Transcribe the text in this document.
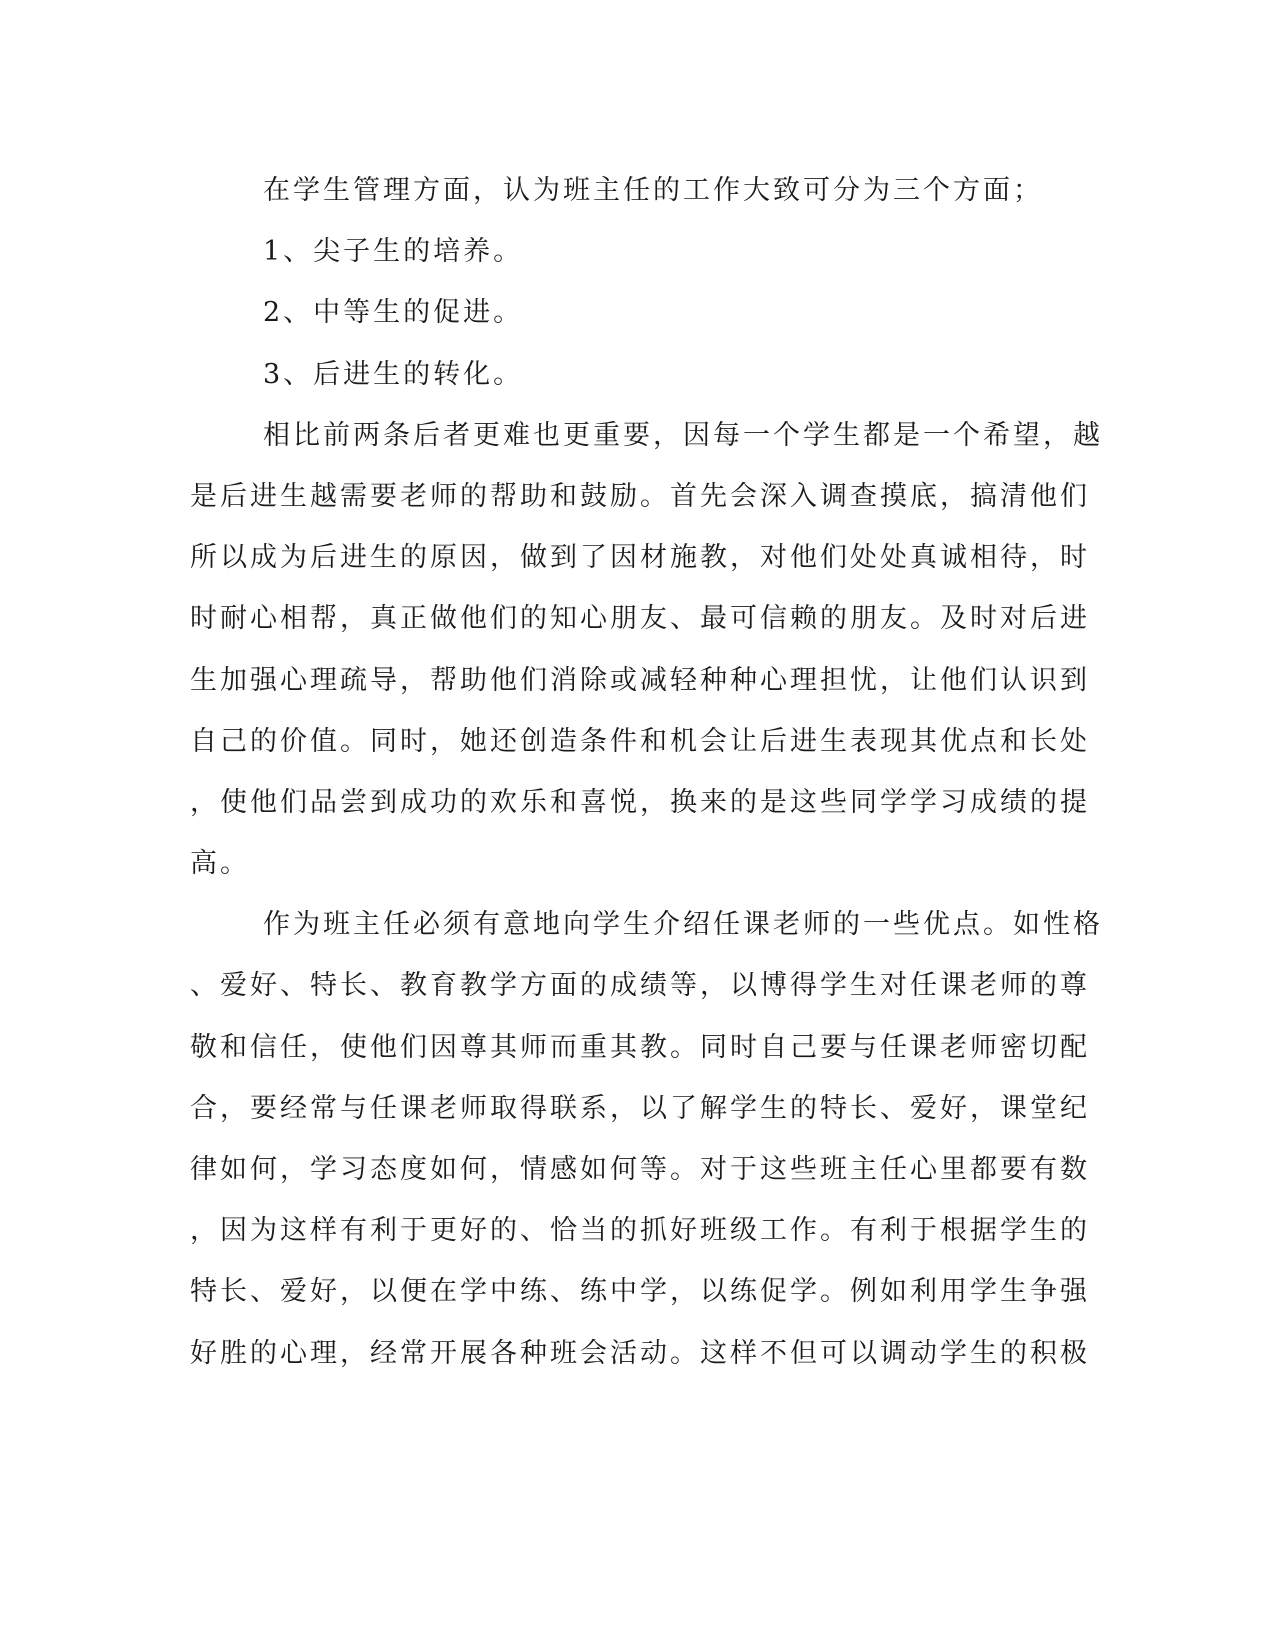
在学生管理方面，认为班主任的工作大致可分为三个方面；
1、尖子生的培养。
2、中等生的促进。
3、后进生的转化。
相比前两条后者更难也更重要，因每一个学生都是一个希望，越
是后进生越需要老师的帮助和鼓励。首先会深入调查摸底，搞清他们
所以成为后进生的原因，做到了因材施教，对他们处处真诚相待，时
时耐心相帮，真正做他们的知心朋友、最可信赖的朋友。及时对后进
生加强心理疏导，帮助他们消除或减轻种种心理担忧，让他们认识到
自己的价值。同时，她还创造条件和机会让后进生表现其优点和长处
，使他们品尝到成功的欢乐和喜悦，换来的是这些同学学习成绩的提
高。
作为班主任必须有意地向学生介绍任课老师的一些优点。如性格
、爱好、特长、教育教学方面的成绩等，以博得学生对任课老师的尊
敬和信任，使他们因尊其师而重其教。同时自己要与任课老师密切配
合，要经常与任课老师取得联系，以了解学生的特长、爱好，课堂纪
律如何，学习态度如何，情感如何等。对于这些班主任心里都要有数
，因为这样有利于更好的、恰当的抓好班级工作。有利于根据学生的
特长、爱好，以便在学中练、练中学，以练促学。例如利用学生争强
好胜的心理，经常开展各种班会活动。这样不但可以调动学生的积极
